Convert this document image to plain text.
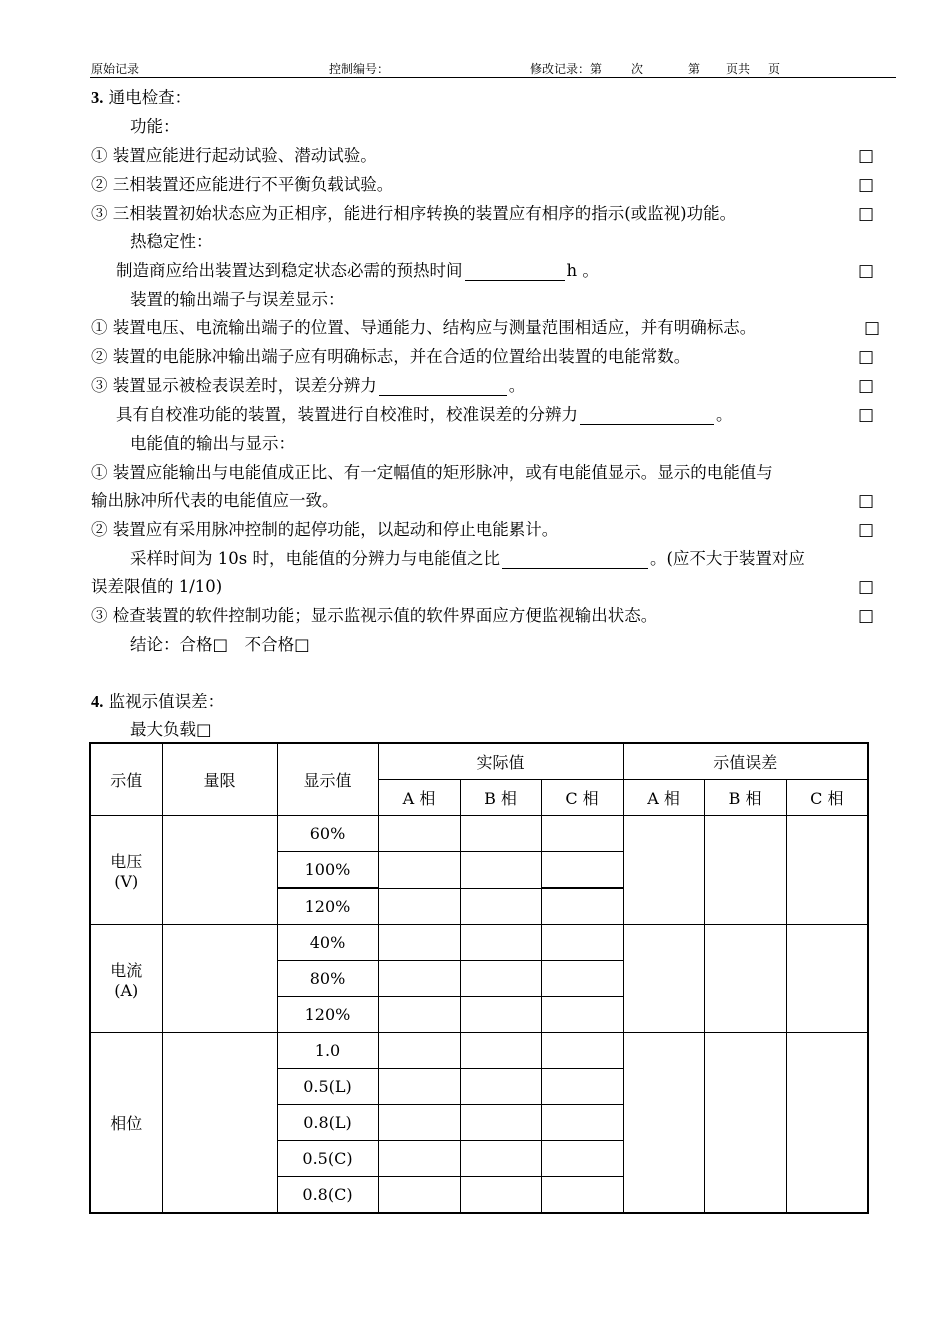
原始记录	控制编号：	修改记录：第 次	第 页共 页
3. 通电检查：
功能：
① 装置应能进行起动试验、潜动试验。	□
② 三相装置还应能进行不平衡负载试验。	□
③ 三相装置初始状态应为正相序，能进行相序转换的装置应有相序的指示(或监视)功能。	□
热稳定性：
制造商应给出装置达到稳定状态必需的预热时间	h 。	□
装置的输出端子与误差显示：
① 装置电压、电流输出端子的位置、导通能力、结构应与测量范围相适应，并有明确标志。	□
② 装置的电能脉冲输出端子应有明确标志，并在合适的位置给出装置的电能常数。	□
③ 装置显示被检表误差时，误差分辨力	。	□
具有自校准功能的装置，装置进行自校准时，校准误差的分辨力	。	□
电能值的输出与显示：
① 装置应能输出与电能值成正比、有一定幅值的矩形脉冲，或有电能值显示。显示的电能值与
输出脉冲所代表的电能值应一致。	□
② 装置应有采用脉冲控制的起停功能，以起动和停止电能累计。	□
采样时间为 10s 时，电能值的分辨力与电能值之比	。(应不大于装置对应
误差限值的 1/10)	□
③ 检查装置的软件控制功能；显示监视示值的软件界面应方便监视输出状态。	□
结论：合格□　不合格□
4. 监视示值误差：
最大负载□
示值	量限	显示值	实际值			示值误差		
			A 相	B 相	C 相	A 相	B 相	C 相

电压
(V)		60%						
		100%						
		120%						

电流
(A)		40%						
		80%						
		120%						
相位		1.0						
		0.5(L)						
		0.8(L)						
		0.5(C)						
		0.8(C)						
